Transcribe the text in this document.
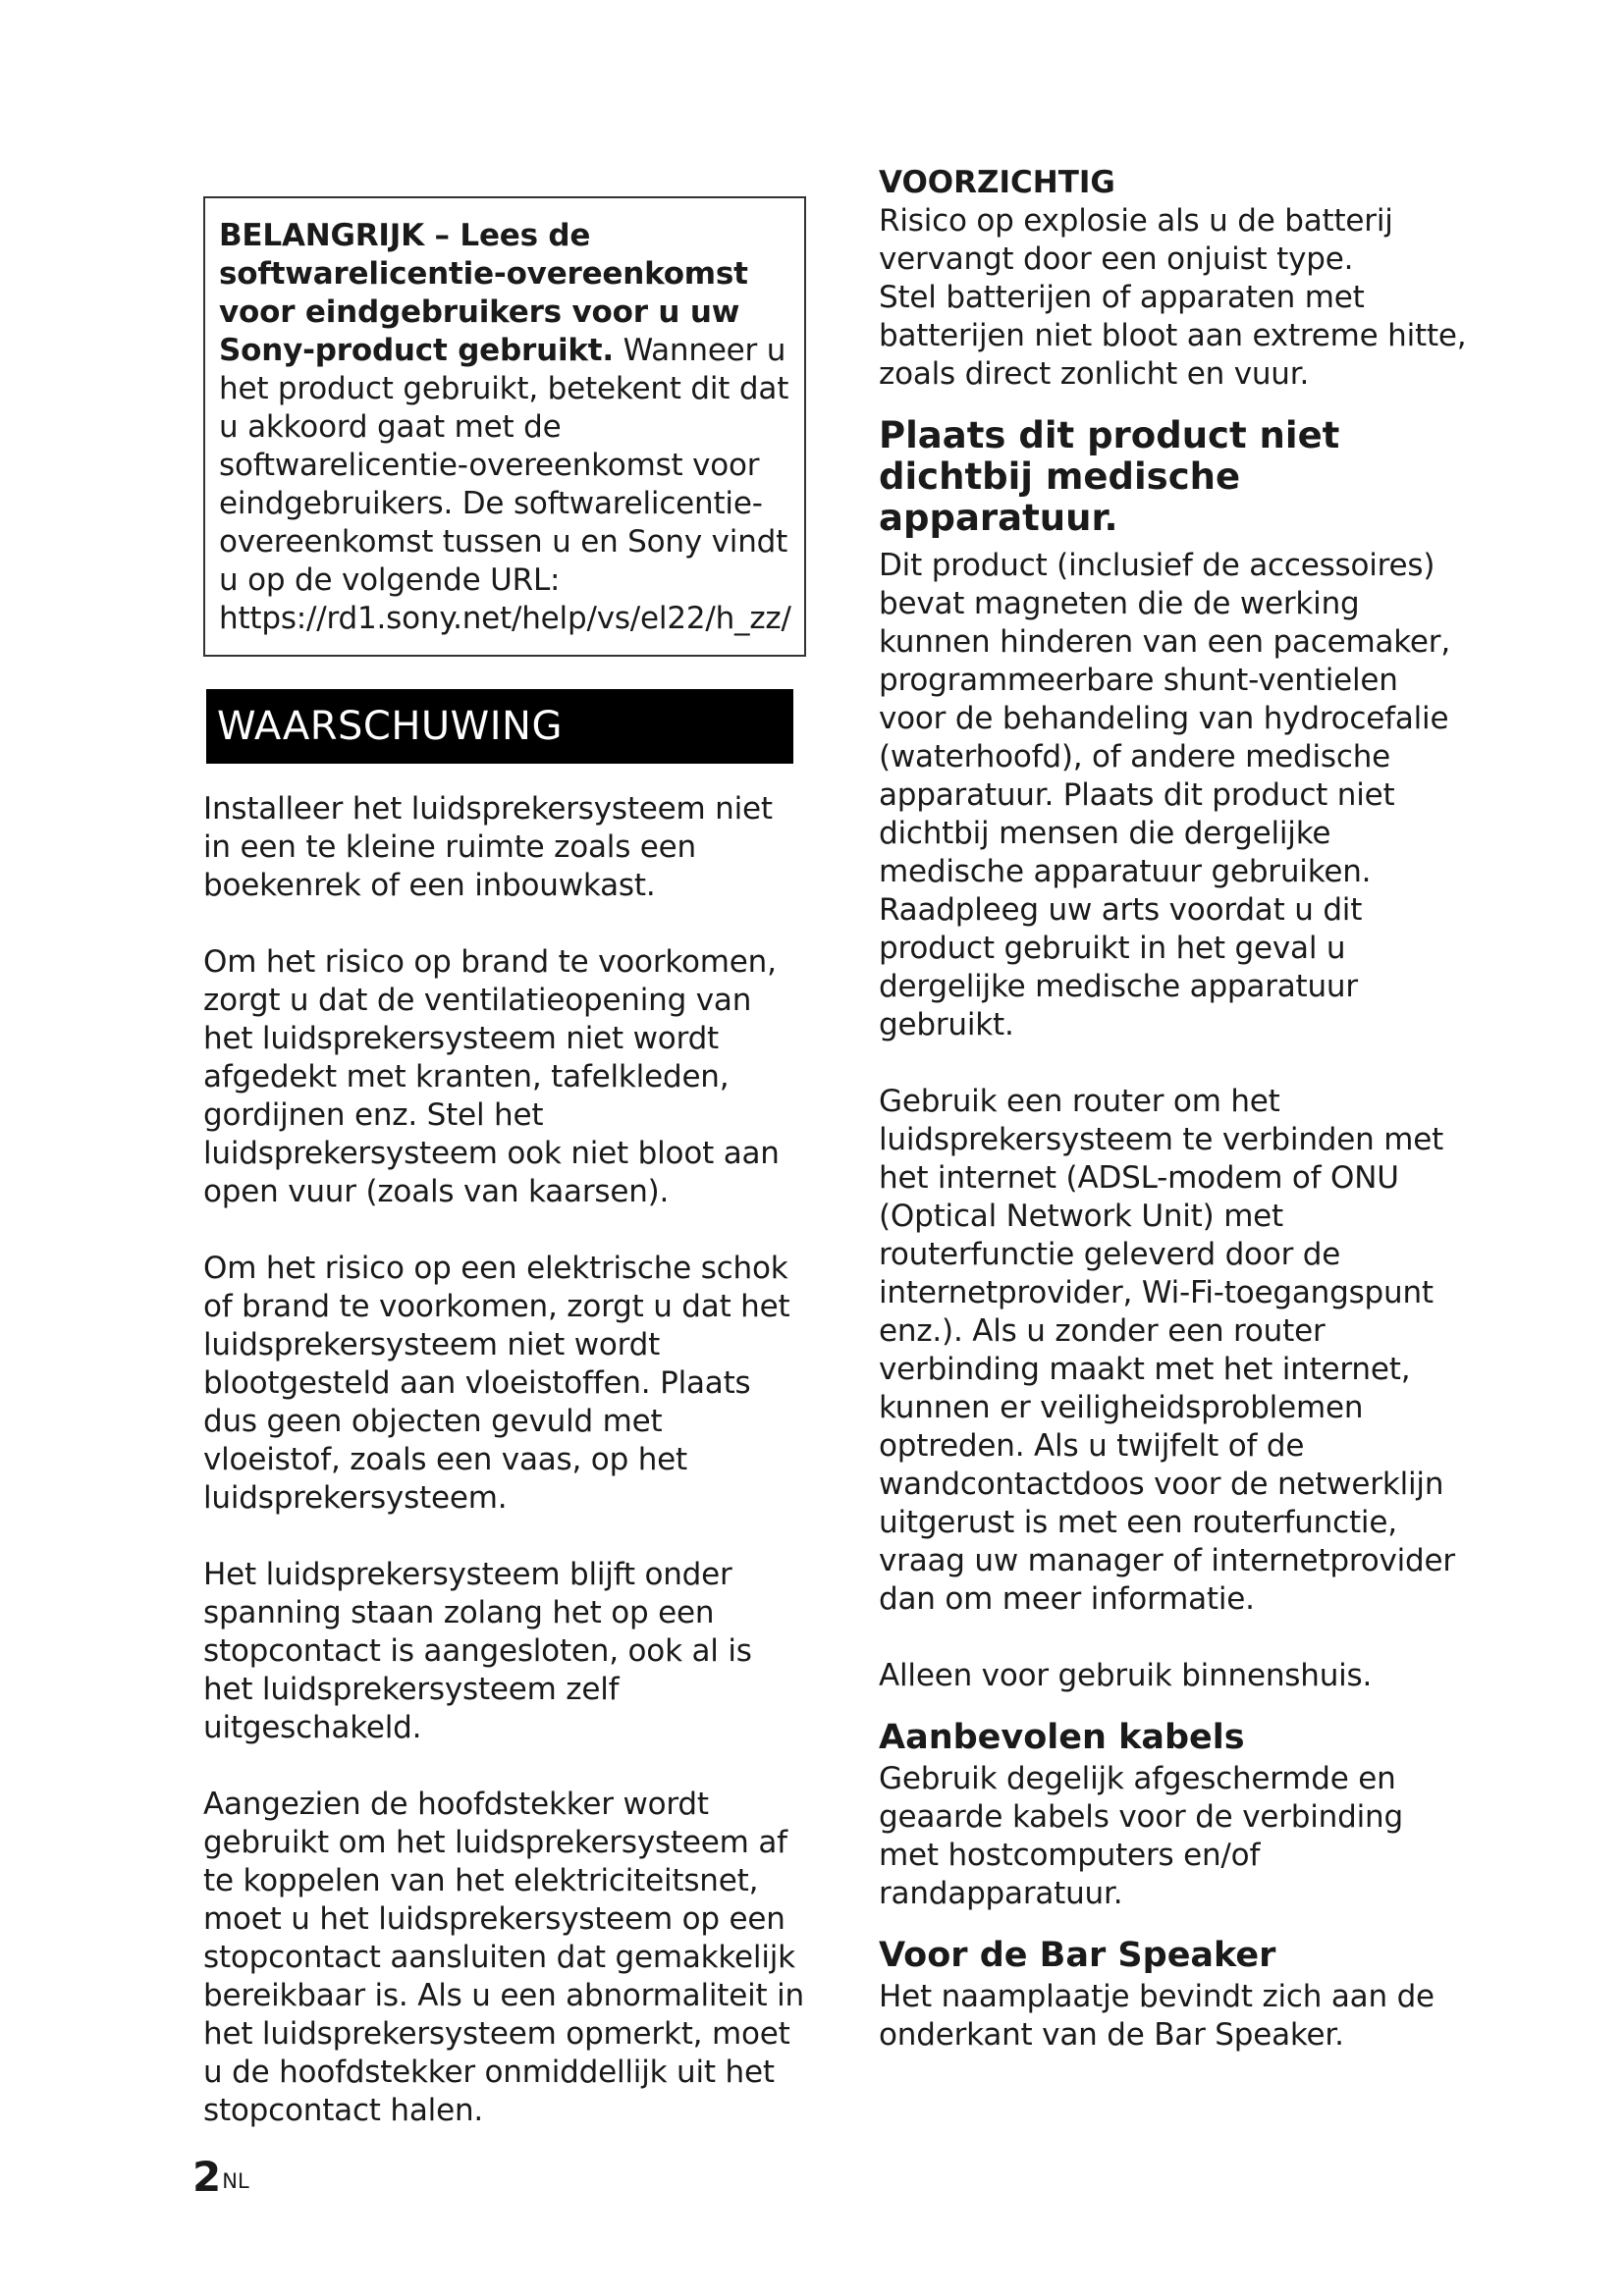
BELANGRIJK – Lees de softwarelicentie-overeenkomst voor eindgebruikers voor u uw Sony-product gebruikt. Wanneer u het product gebruikt, betekent dit dat u akkoord gaat met de softwarelicentie-overeenkomst voor eindgebruikers. De softwarelicentie-overeenkomst tussen u en Sony vindt u op de volgende URL: https://rd1.sony.net/help/vs/el22/h_zz/

WAARSCHUWING

Installeer het luidsprekersysteem niet in een te kleine ruimte zoals een boekenrek of een inbouwkast.

Om het risico op brand te voorkomen, zorgt u dat de ventilatieopening van het luidsprekersysteem niet wordt afgedekt met kranten, tafelkleden, gordijnen enz. Stel het luidsprekersysteem ook niet bloot aan open vuur (zoals van kaarsen).

Om het risico op een elektrische schok of brand te voorkomen, zorgt u dat het luidsprekersysteem niet wordt blootgesteld aan vloeistoffen. Plaats dus geen objecten gevuld met vloeistof, zoals een vaas, op het luidsprekersysteem.

Het luidsprekersysteem blijft onder spanning staan zolang het op een stopcontact is aangesloten, ook al is het luidsprekersysteem zelf uitgeschakeld.

Aangezien de hoofdstekker wordt gebruikt om het luidsprekersysteem af te koppelen van het elektriciteitsnet, moet u het luidsprekersysteem op een stopcontact aansluiten dat gemakkelijk bereikbaar is. Als u een abnormaliteit in het luidsprekersysteem opmerkt, moet u de hoofdstekker onmiddellijk uit het stopcontact halen.

VOORZICHTIG

Risico op explosie als u de batterij vervangt door een onjuist type.

Stel batterijen of apparaten met batterijen niet bloot aan extreme hitte, zoals direct zonlicht en vuur.

Plaats dit product niet dichtbij medische apparatuur.

Dit product (inclusief de accessoires) bevat magneten die de werking kunnen hinderen van een pacemaker, programmeerbare shunt-ventielen voor de behandeling van hydrocefalie (waterhoofd), of andere medische apparatuur. Plaats dit product niet dichtbij mensen die dergelijke medische apparatuur gebruiken. Raadpleeg uw arts voordat u dit product gebruikt in het geval u dergelijke medische apparatuur gebruikt.

Gebruik een router om het luidsprekersysteem te verbinden met het internet (ADSL-modem of ONU (Optical Network Unit) met routerfunctie geleverd door de internetprovider, Wi-Fi-toegangspunt enz.). Als u zonder een router verbinding maakt met het internet, kunnen er veiligheidsproblemen optreden. Als u twijfelt of de wandcontactdoos voor de netwerklijn uitgerust is met een routerfunctie, vraag uw manager of internetprovider dan om meer informatie.

Alleen voor gebruik binnenshuis.

Aanbevolen kabels

Gebruik degelijk afgeschermde en geaarde kabels voor de verbinding met hostcomputers en/of randapparatuur.

Voor de Bar Speaker

Het naamplaatje bevindt zich aan de onderkant van de Bar Speaker.

$2^{NL}$
